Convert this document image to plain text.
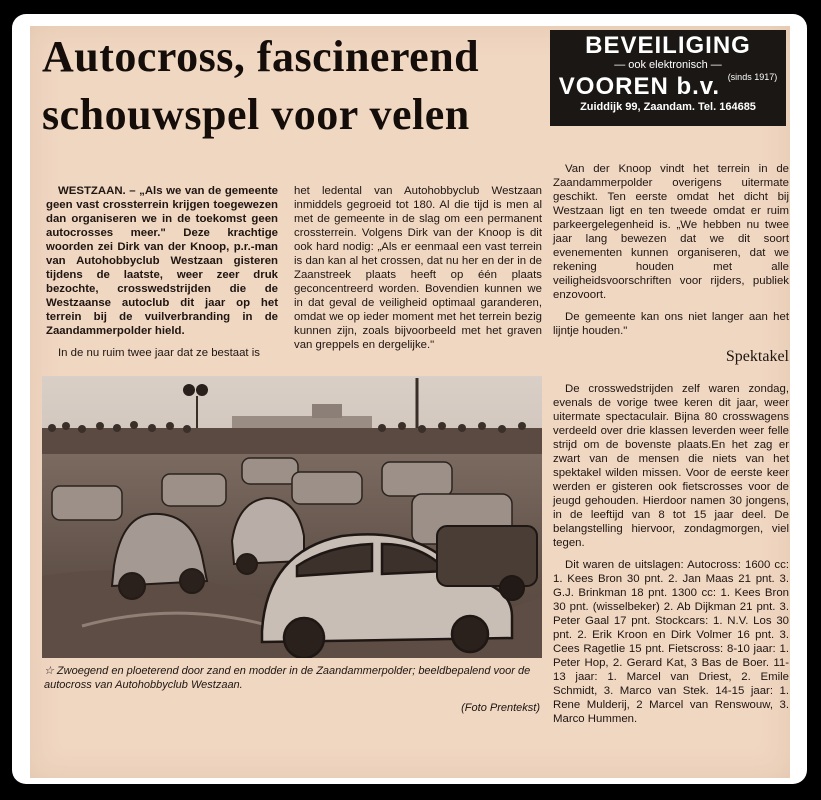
Autocross, fascinerend
schouwspel voor velen
BEVEILIGING
— ook elektronisch —
VOOREN b.v. (sinds 1917)
Zuiddijk 99, Zaandam. Tel. 164685

WESTZAAN. – „Als we van de gemeente geen vast crossterrein krijgen toegewezen dan organiseren we in de toekomst geen autocrosses meer." Deze krachtige woorden zei Dirk van der Knoop, p.r.-man van Autohobbyclub Westzaan gisteren tijdens de laatste, weer zeer druk bezochte, crosswedstrijden die de Westzaanse autoclub dit jaar op het terrein bij de vuilverbranding in de Zaandammerpolder hield.

In de nu ruim twee jaar dat ze bestaat is

het ledental van Autohobbyclub Westzaan inmiddels gegroeid tot 180. Al die tijd is men al met de gemeente in de slag om een permanent crossterrein. Volgens Dirk van der Knoop is dit ook hard nodig: „Als er eenmaal een vast terrein is dan kan al het crossen, dat nu her en der in de Zaanstreek plaats heeft op één plaats geconcentreerd worden. Bovendien kunnen we in dat geval de veiligheid optimaal garanderen, omdat we op ieder moment met het terrein bezig kunnen zijn, zoals bijvoorbeeld met het graven van greppels en dergelijke."

Van der Knoop vindt het terrein in de Zaandammerpolder overigens uitermate geschikt. Ten eerste omdat het dicht bij Westzaan ligt en ten tweede omdat er ruim parkeergelegenheid is. „We hebben nu twee jaar lang bewezen dat we dit soort evenementen kunnen organiseren, dat we rekening houden met alle veiligheidsvoorschriften voor rijders, publiek enzovoort.

De gemeente kan ons niet langer aan het lijntje houden."

Spektakel

De crosswedstrijden zelf waren zondag, evenals de vorige twee keren dit jaar, weer uitermate spectaculair. Bijna 80 crosswagens verdeeld over drie klassen leverden weer felle strijd om de bovenste plaats.En het zag er zwart van de mensen die niets van het spektakel wilden missen. Voor de eerste keer werden er gisteren ook fietscrosses voor de jeugd gehouden. Hierdoor namen 30 jongens, in de leeftijd van 8 tot 15 jaar deel. De belangstelling hiervoor, zondagmorgen, viel tegen.

Dit waren de uitslagen: Autocross: 1600 cc: 1. Kees Bron 30 pnt. 2. Jan Maas 21 pnt. 3. G.J. Brinkman 18 pnt. 1300 cc: 1. Kees Bron 30 pnt. (wisselbeker) 2. Ab Dijkman 21 pnt. 3. Peter Gaal 17 pnt. Stockcars: 1. N.V. Los 30 pnt. 2. Erik Kroon en Dirk Volmer 16 pnt. 3. Cees Ragetlie 15 pnt. Fietscross: 8-10 jaar: 1. Peter Hop, 2. Gerard Kat, 3 Bas de Boer. 11-13 jaar: 1. Marcel van Driest, 2. Emile Schmidt, 3. Marco van Stek. 14-15 jaar: 1. Rene Mulderij, 2 Marcel van Renswouw, 3. Marco Hummen.

☆ Zwoegend en ploeterend door zand en modder in de Zaandammerpolder; beeldbepalend voor de autocross van Autohobbyclub Westzaan.
(Foto Prentekst)
